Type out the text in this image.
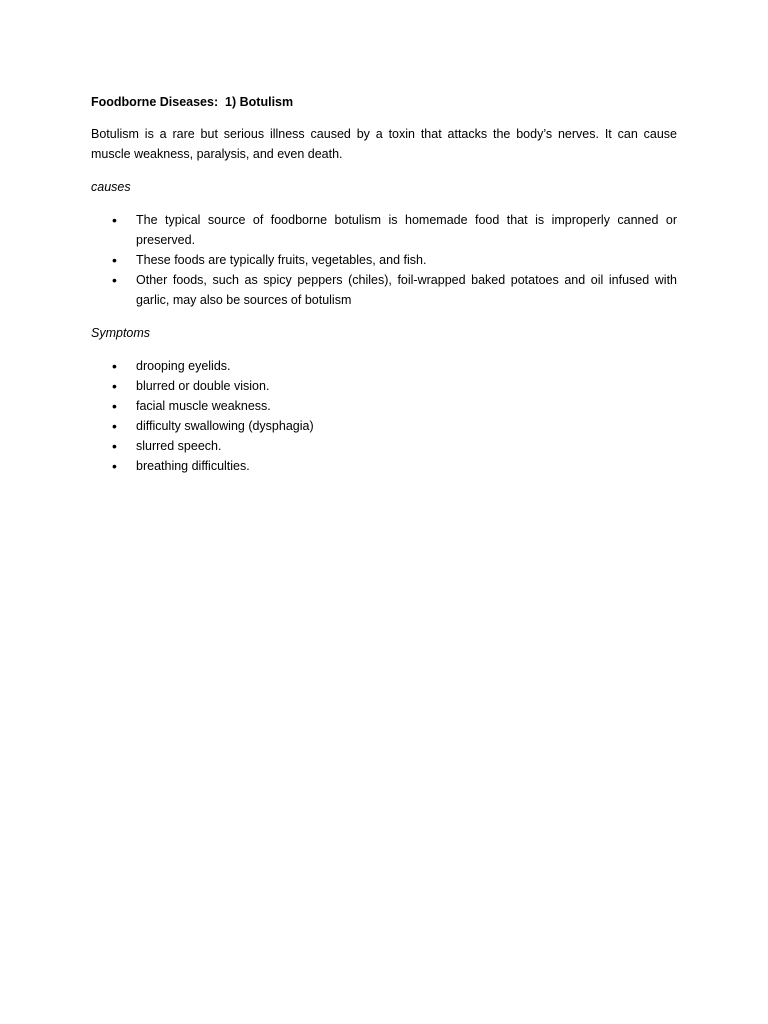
Foodborne Diseases:  1) Botulism

Botulism is a rare but serious illness caused by a toxin that attacks the body’s nerves. It can cause muscle weakness, paralysis, and even death.

causes
• The typical source of foodborne botulism is homemade food that is improperly canned or preserved.
• These foods are typically fruits, vegetables, and fish.
• Other foods, such as spicy peppers (chiles), foil-wrapped baked potatoes and oil infused with garlic, may also be sources of botulism
Symptoms
• drooping eyelids.
• blurred or double vision.
• facial muscle weakness.
• difficulty swallowing (dysphagia)
• slurred speech.
• breathing difficulties.
